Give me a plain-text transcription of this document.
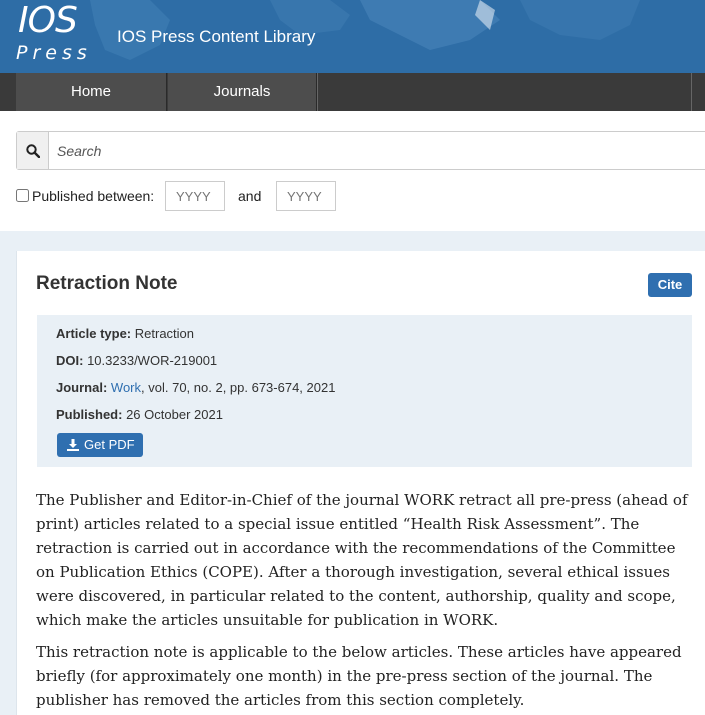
IOS
Press
IOS Press Content Library
Home	Journals
Search
Published between:
YYYY	and
YYYY
Retraction Note	Cite
Article type: Retraction
DOI: 10.3233/WOR-219001
Journal: Work, vol. 70, no. 2, pp. 673-674, 2021
Published: 26 October 2021
Get PDF

The Publisher and Editor-in-Chief of the journal WORK retract all pre-press (ahead of print) articles related to a special issue entitled “Health Risk Assessment”. The retraction is carried out in accordance with the recommendations of the Committee on Publication Ethics (COPE). After a thorough investigation, several ethical issues were discovered, in particular related to the content, authorship, quality and scope, which make the articles unsuitable for publication in WORK.

This retraction note is applicable to the below articles. These articles have appeared briefly (for approximately one month) in the pre-press section of the journal. The publisher has removed the articles from this section completely.
